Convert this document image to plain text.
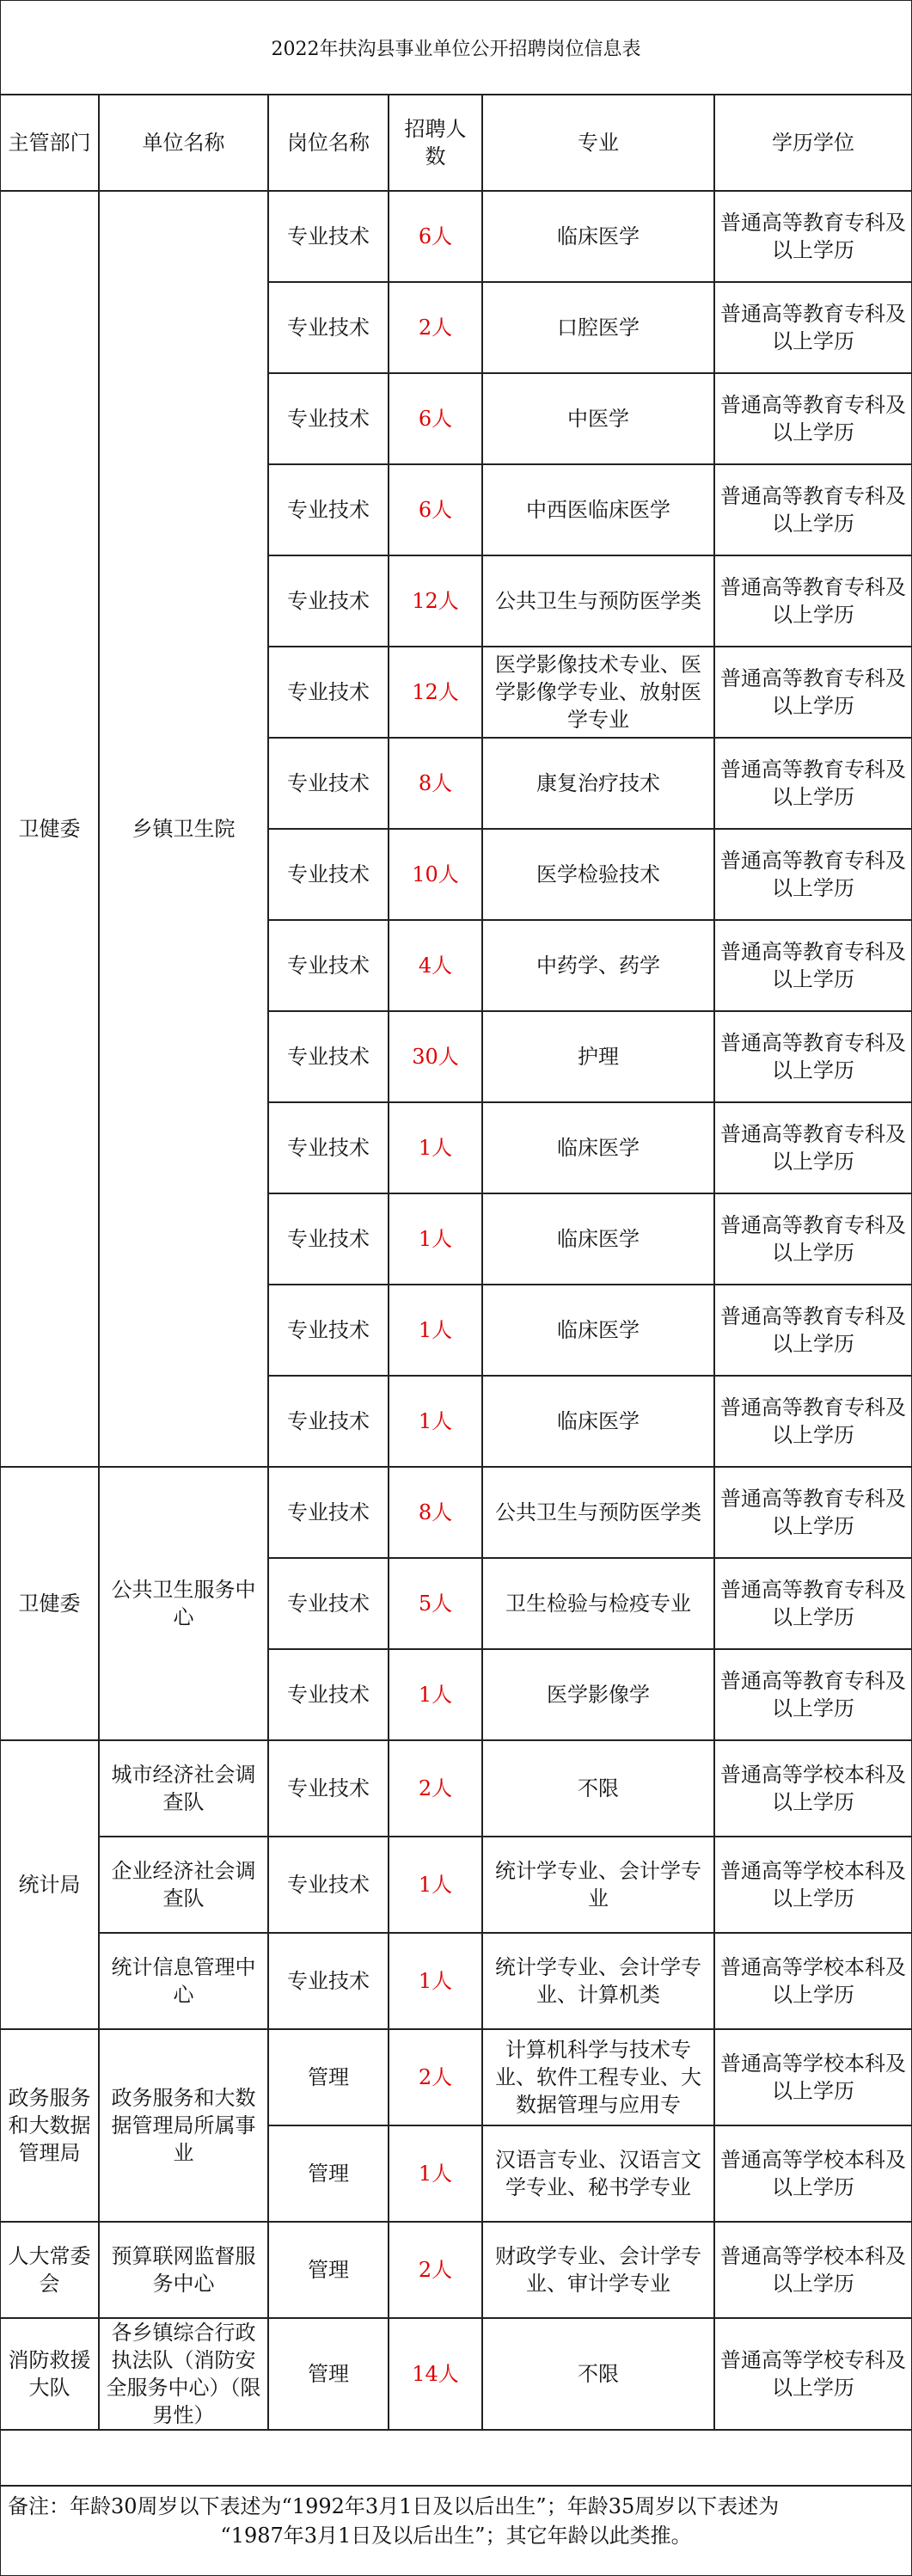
2022年扶沟县事业单位公开招聘岗位信息表
主管部门	单位名称	岗位名称	招聘人数	专业	学历学位
卫健委	乡镇卫生院	专业技术	6人	临床医学	普通高等教育专科及以上学历
		专业技术	2人	口腔医学	普通高等教育专科及以上学历
		专业技术	6人	中医学	普通高等教育专科及以上学历
		专业技术	6人	中西医临床医学	普通高等教育专科及以上学历
		专业技术	12人	公共卫生与预防医学类	普通高等教育专科及以上学历
		专业技术	12人	医学影像技术专业、医学影像学专业、放射医学专业	普通高等教育专科及以上学历
		专业技术	8人	康复治疗技术	普通高等教育专科及以上学历
		专业技术	10人	医学检验技术	普通高等教育专科及以上学历
		专业技术	4人	中药学、药学	普通高等教育专科及以上学历
		专业技术	30人	护理	普通高等教育专科及以上学历
		专业技术	1人	临床医学	普通高等教育专科及以上学历
		专业技术	1人	临床医学	普通高等教育专科及以上学历
		专业技术	1人	临床医学	普通高等教育专科及以上学历
		专业技术	1人	临床医学	普通高等教育专科及以上学历
卫健委	公共卫生服务中心	专业技术	8人	公共卫生与预防医学类	普通高等教育专科及以上学历
		专业技术	5人	卫生检验与检疫专业	普通高等教育专科及以上学历
		专业技术	1人	医学影像学	普通高等教育专科及以上学历
统计局	城市经济社会调查队	专业技术	2人	不限	普通高等学校本科及以上学历
	企业经济社会调查队	专业技术	1人	统计学专业、会计学专业	普通高等学校本科及以上学历
	统计信息管理中心	专业技术	1人	统计学专业、会计学专业、计算机类	普通高等学校本科及以上学历
政务服务和大数据管理局	政务服务和大数据管理局所属事业	管理	2人	计算机科学与技术专业、软件工程专业、大数据管理与应用专	普通高等学校本科及以上学历
		管理	1人	汉语言专业、汉语言文学专业、秘书学专业	普通高等学校本科及以上学历
人大常委会	预算联网监督服务中心	管理	2人	财政学专业、会计学专业、审计学专业	普通高等学校本科及以上学历
消防救援大队	各乡镇综合行政执法队（消防安全服务中心）（限男性）	管理	14人	不限	普通高等学校专科及以上学历
备注：年龄30周岁以下表述为“1992年3月1日及以后出生”；年龄35周岁以下表述为
“1987年3月1日及以后出生”；其它年龄以此类推。
